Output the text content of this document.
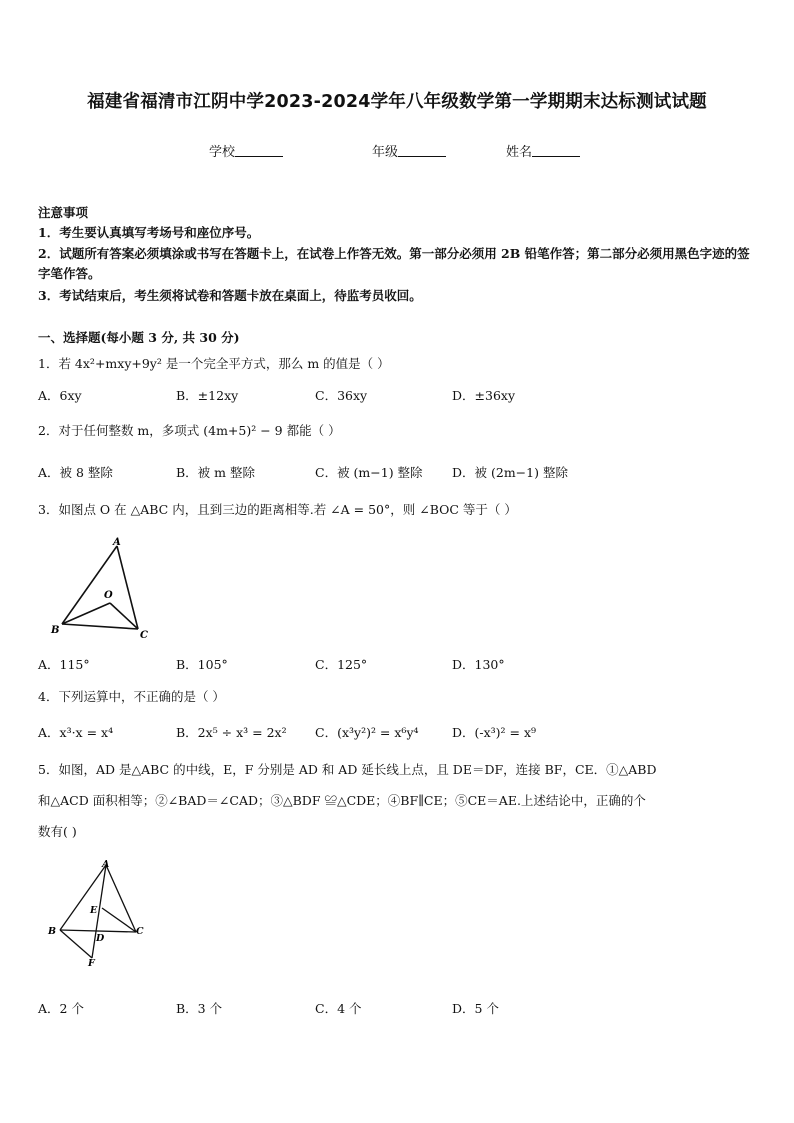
福建省福清市江阴中学2023-2024学年八年级数学第一学期期末达标测试试题
学校	年级	姓名
注意事项
1．考生要认真填写考场号和座位序号。
2．试题所有答案必须填涂或书写在答题卡上，在试卷上作答无效。第一部分必须用 2B 铅笔作答；第二部分必须用黑色字迹的签字笔作答。
3．考试结束后，考生须将试卷和答题卡放在桌面上，待监考员收回。
一、选择题(每小题 3 分, 共 30 分)
1．若 4x²+mxy+9y² 是一个完全平方式，那么 m 的值是（ ）
A．6xy	B．±12xy	C．36xy	D．±36xy
2．对于任何整数 m，多项式 (4m+5)² − 9 都能（ ）
A．被 8 整除	B．被 m 整除	C．被 (m−1) 整除 D．被 (2m−1) 整除
3．如图点 O 在 △ABC 内，且到三边的距离相等.若 ∠A = 50°，则 ∠BOC 等于（ ）
A
B	C
O
A．115°	B．105°	C．125°	D．130°
4．下列运算中，不正确的是（ ）
A．x³·x = x⁴	B．2x⁵ ÷ x³ = 2x² C．(x³y²)² = x⁶y⁴	D．(-x³)² = x⁹
5．如图，AD 是△ABC 的中线，E，F 分别是 AD 和 AD 延长线上点，且 DE＝DF，连接 BF，CE．①△ABD
和△ACD 面积相等；②∠BAD＝∠CAD；③△BDF ≌△CDE；④BF∥CE；⑤CE＝AE.上述结论中，正确的个
数有( )
A
B	C
D
E
F
A．2 个	B．3 个	C．4 个	D．5 个
